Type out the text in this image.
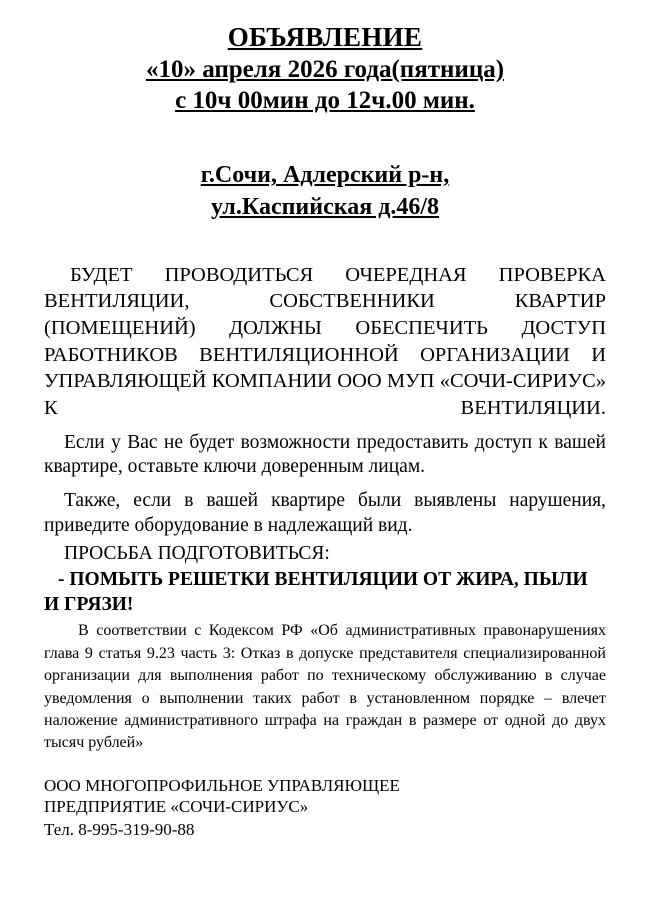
ОБЪЯВЛЕНИЕ
«10» апреля 2026 года(пятница)
с 10ч 00мин до 12ч.00 мин.
г.Сочи, Адлерский р-н,
ул.Каспийская д.46/8
БУДЕТ ПРОВОДИТЬСЯ ОЧЕРЕДНАЯ ПРОВЕРКА ВЕНТИЛЯЦИИ, СОБСТВЕННИКИ КВАРТИР (ПОМЕЩЕНИЙ) ДОЛЖНЫ ОБЕСПЕЧИТЬ ДОСТУП РАБОТНИКОВ ВЕНТИЛЯЦИОННОЙ ОРГАНИЗАЦИИ И УПРАВЛЯЮЩЕЙ КОМПАНИИ ООО МУП «СОЧИ-СИРИУС» К ВЕНТИЛЯЦИИ.
Если у Вас не будет возможности предоставить доступ к вашей квартире, оставьте ключи доверенным лицам.
Также, если в вашей квартире были выявлены нарушения, приведите оборудование в надлежащий вид.
ПРОСЬБА ПОДГОТОВИТЬСЯ:
- ПОМЫТЬ РЕШЕТКИ ВЕНТИЛЯЦИИ ОТ ЖИРА, ПЫЛИ И ГРЯЗИ!
В соответствии с Кодексом РФ «Об административных правонарушениях глава 9 статья 9.23 часть 3: Отказ в допуске представителя специализированной организации для выполнения работ по техническому обслуживанию в случае уведомления о выполнении таких работ в установленном порядке – влечет наложение административного штрафа на граждан в размере от одной до двух тысяч рублей»
ООО МНОГОПРОФИЛЬНОЕ УПРАВЛЯЮЩЕЕ
ПРЕДПРИЯТИЕ «СОЧИ-СИРИУС»
Тел. 8-995-319-90-88
